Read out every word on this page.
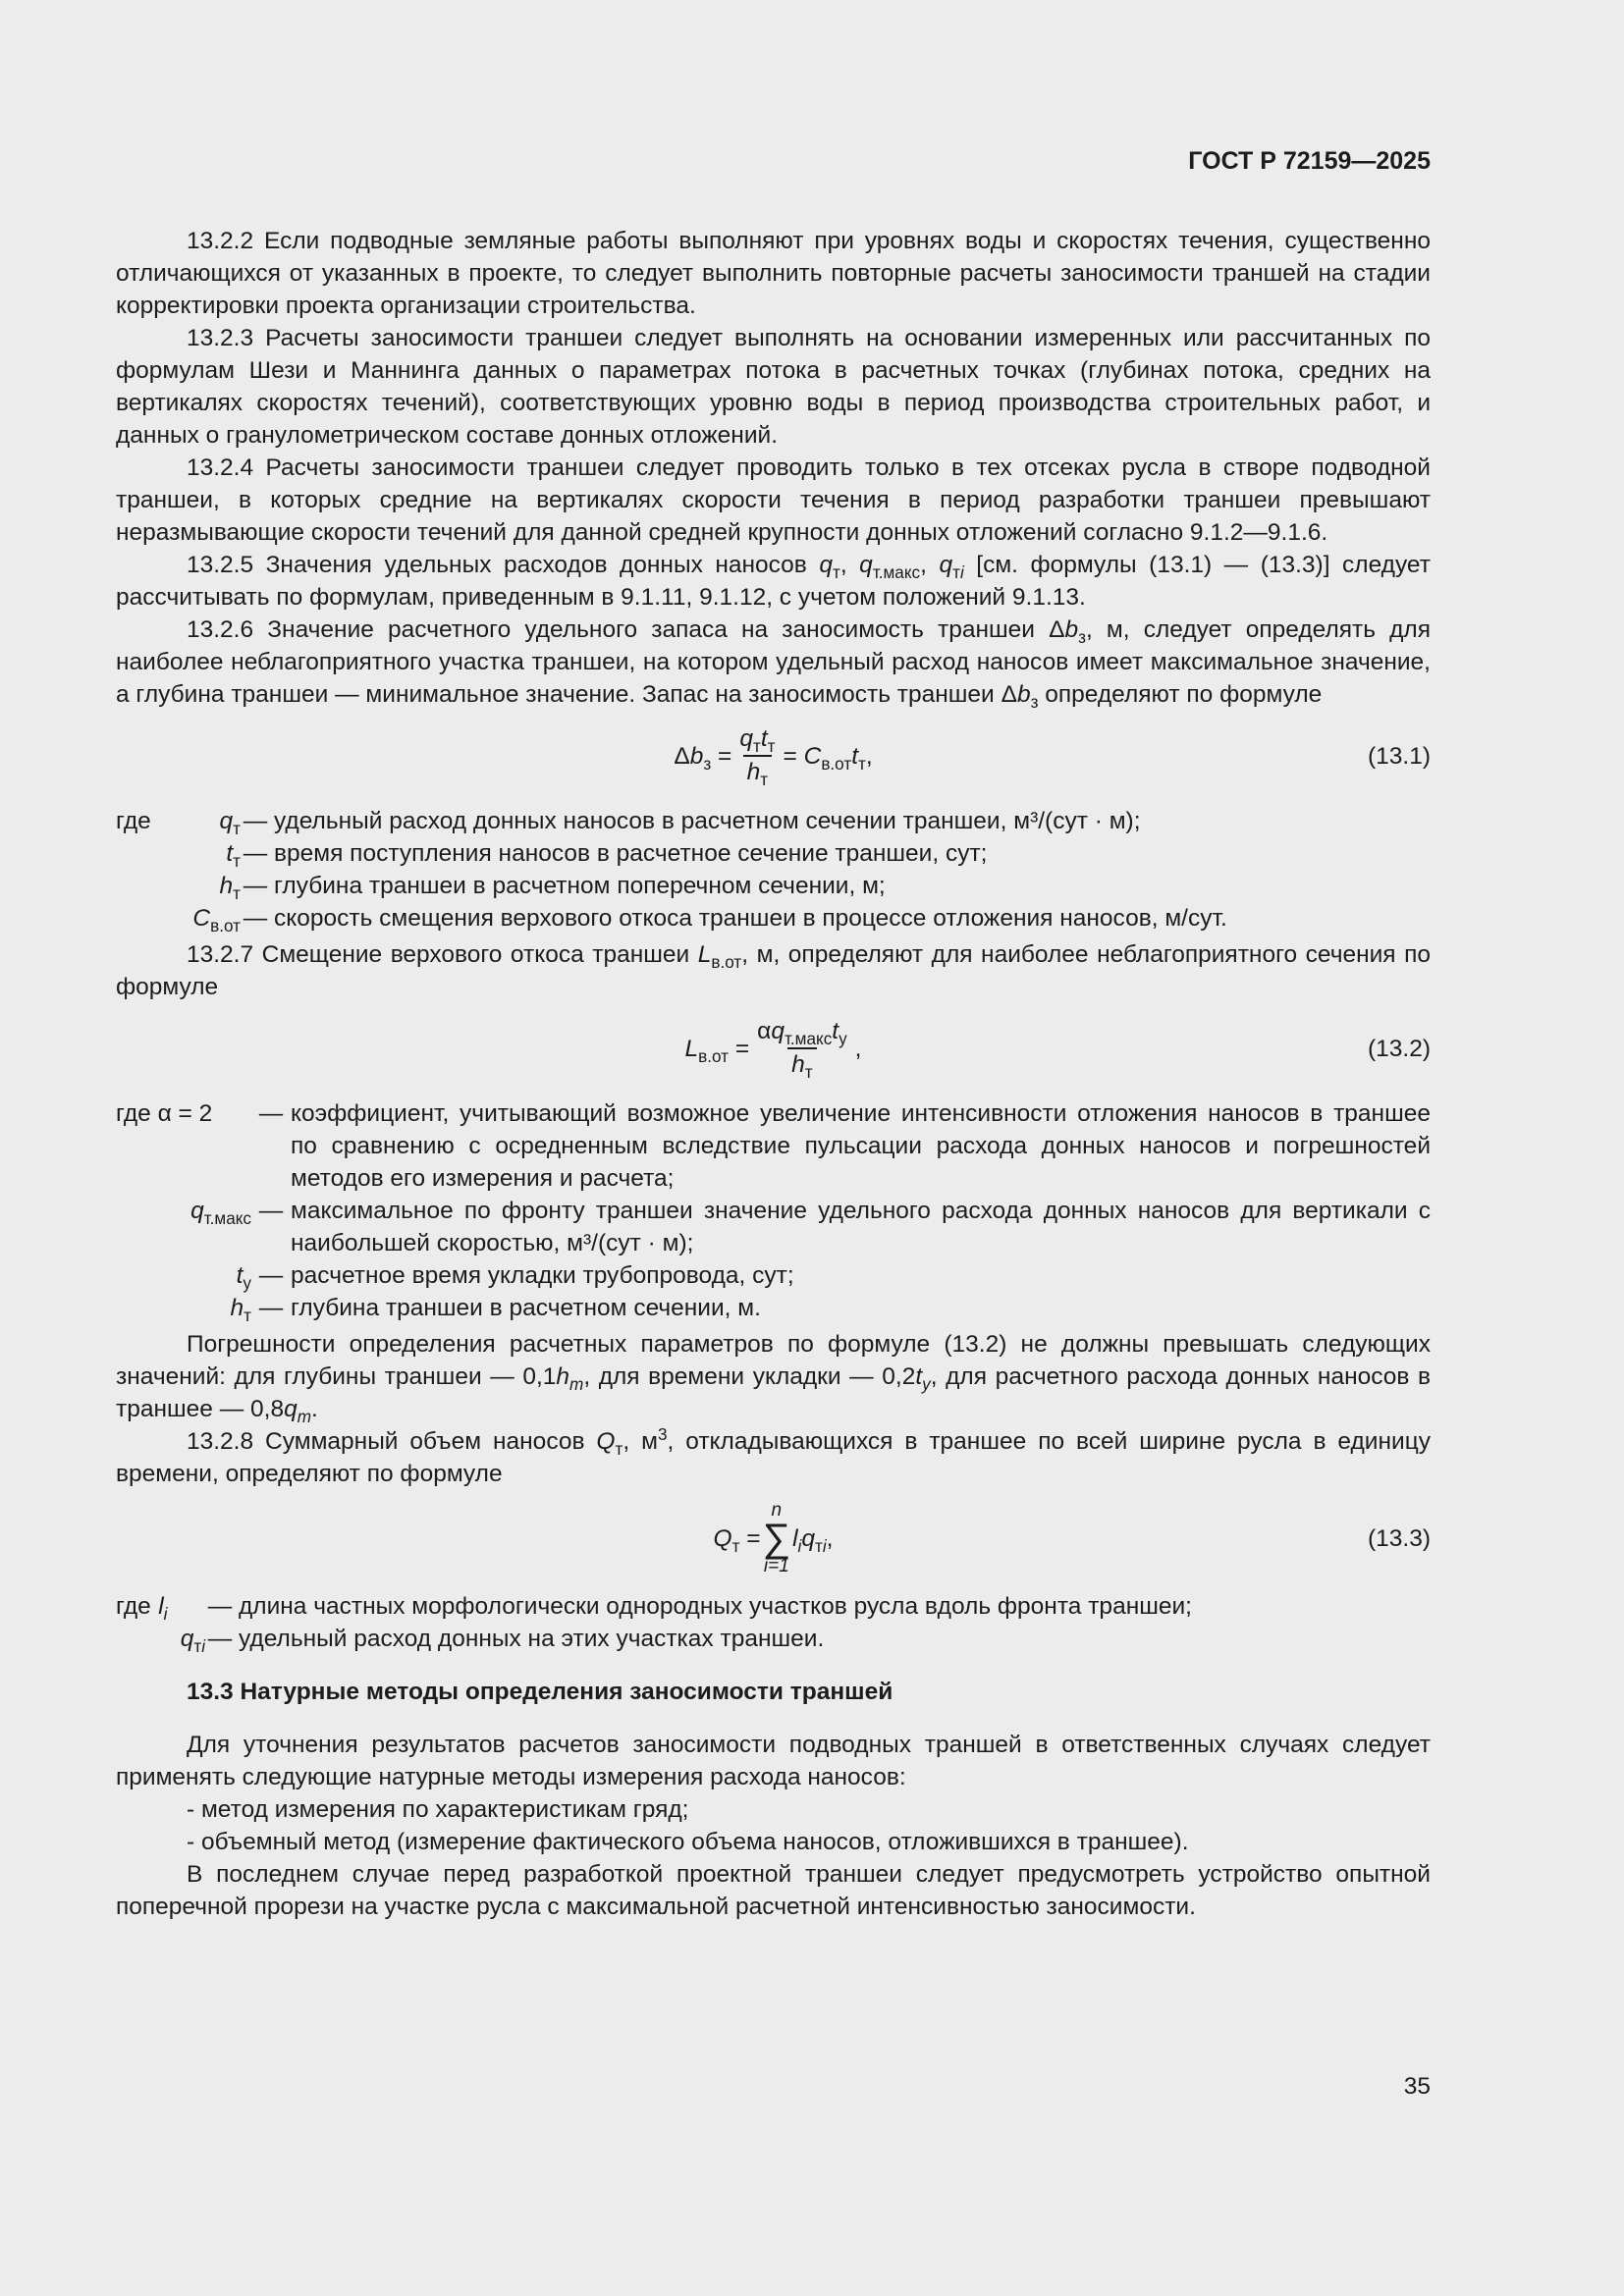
ГОСТ Р 72159—2025

13.2.2 Если подводные земляные работы выполняют при уровнях воды и скоростях течения, существенно отличающихся от указанных в проекте, то следует выполнить повторные расчеты заносимости траншей на стадии корректировки проекта организации строительства.

13.2.3 Расчеты заносимости траншеи следует выполнять на основании измеренных или рассчитанных по формулам Шези и Маннинга данных о параметрах потока в расчетных точках (глубинах потока, средних на вертикалях скоростях течений), соответствующих уровню воды в период производства строительных работ, и данных о гранулометрическом составе донных отложений.

13.2.4 Расчеты заносимости траншеи следует проводить только в тех отсеках русла в створе подводной траншеи, в которых средние на вертикалях скорости течения в период разработки траншеи превышают неразмывающие скорости течений для данной средней крупности донных отложений согласно 9.1.2—9.1.6.

13.2.5 Значения удельных расходов донных наносов $q_т$, $q_{т.макс}$, $q_{тi}$ [см. формулы (13.1) — (13.3)] следует рассчитывать по формулам, приведенным в 9.1.11, 9.1.12, с учетом положений 9.1.13.

13.2.6 Значение расчетного удельного запаса на заносимость траншеи $\Delta b_з$, м, следует определять для наиболее неблагоприятного участка траншеи, на котором удельный расход наносов имеет максимальное значение, а глубина траншеи — минимальное значение. Запас на заносимость траншеи $\Delta b_з$ определяют по формуле

$\Delta b_з = \frac{q_тt_т}{h_т} = C_{в.от}t_т$,	(13.1)
где	$q_т$	—	удельный расход донных наносов в расчетном сечении траншеи, м³/(сут · м);
	$t_т$	—	время поступления наносов в расчетное сечение траншеи, сут;
	$h_т$	—	глубина траншеи в расчетном поперечном сечении, м;
	$C_{в.от}$	—	скорость смещения верхового откоса траншеи в процессе отложения наносов, м/сут.

13.2.7 Смещение верхового откоса траншеи $L_{в.от}$, м, определяют для наиболее неблагоприятного сечения по формуле

$L_{в.от} = \frac{\alpha q_{т.макс}t_у}{h_т}$ ,	(13.2)
где α = 2	—	коэффициент, учитывающий возможное увеличение интенсивности отложения наносов в траншее по сравнению с осредненным вследствие пульсации расхода донных наносов и погрешностей методов его измерения и расчета;
$q_{т.макс}$	—	максимальное по фронту траншеи значение удельного расхода донных наносов для вертикали с наибольшей скоростью, м³/(сут · м);
$t_у$	—	расчетное время укладки трубопровода, сут;
$h_т$	—	глубина траншеи в расчетном сечении, м.

Погрешности определения расчетных параметров по формуле (13.2) не должны превышать следующих значений: для глубины траншеи — $0,1h_m$, для времени укладки — $0,2t_y$, для расчетного расхода донных наносов в траншее — $0,8q_m$.

13.2.8 Суммарный объем наносов $Q_т$, $м^3$, откладывающихся в траншее по всей ширине русла в единицу времени, определяют по формуле

$Q_т$ =
n
∑
i=1
$l_iq_{тi}$,	(13.3)
где	$l_i$	—	длина частных морфологически однородных участков русла вдоль фронта траншеи;
$q_{тi}$		—	удельный расход донных на этих участках траншеи.

13.3 Натурные методы определения заносимости траншей

Для уточнения результатов расчетов заносимости подводных траншей в ответственных случаях следует применять следующие натурные методы измерения расхода наносов:

- метод измерения по характеристикам гряд;

- объемный метод (измерение фактического объема наносов, отложившихся в траншее).

В последнем случае перед разработкой проектной траншеи следует предусмотреть устройство опытной поперечной прорези на участке русла с максимальной расчетной интенсивностью заносимости.

35
